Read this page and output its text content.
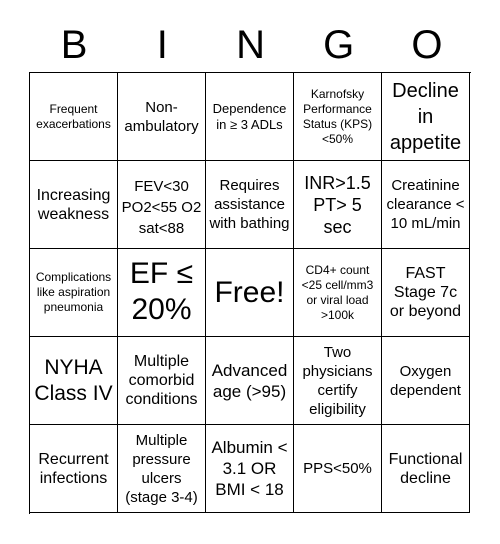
B	I	N	G	O
Frequent exacerbations
Non-ambulatory
Dependence in ≥ 3 ADLs
Karnofsky Performance Status (KPS) <50%
Decline in appetite
Increasing weakness
FEV<30 PO2<55 O2 sat<88
Requires assistance with bathing
INR>1.5 PT> 5 sec
Creatinine clearance < 10 mL/min
Complications like aspiration pneumonia
EF ≤ 20%
Free!
CD4+ count <25 cell/mm3 or viral load >100k
FAST Stage 7c or beyond
NYHA Class IV
Multiple comorbid conditions
Advanced age (>95)
Two physicians certify eligibility
Oxygen dependent
Recurrent infections
Multiple pressure ulcers (stage 3-4)
Albumin < 3.1 OR BMI < 18
PPS<50%
Functional decline
